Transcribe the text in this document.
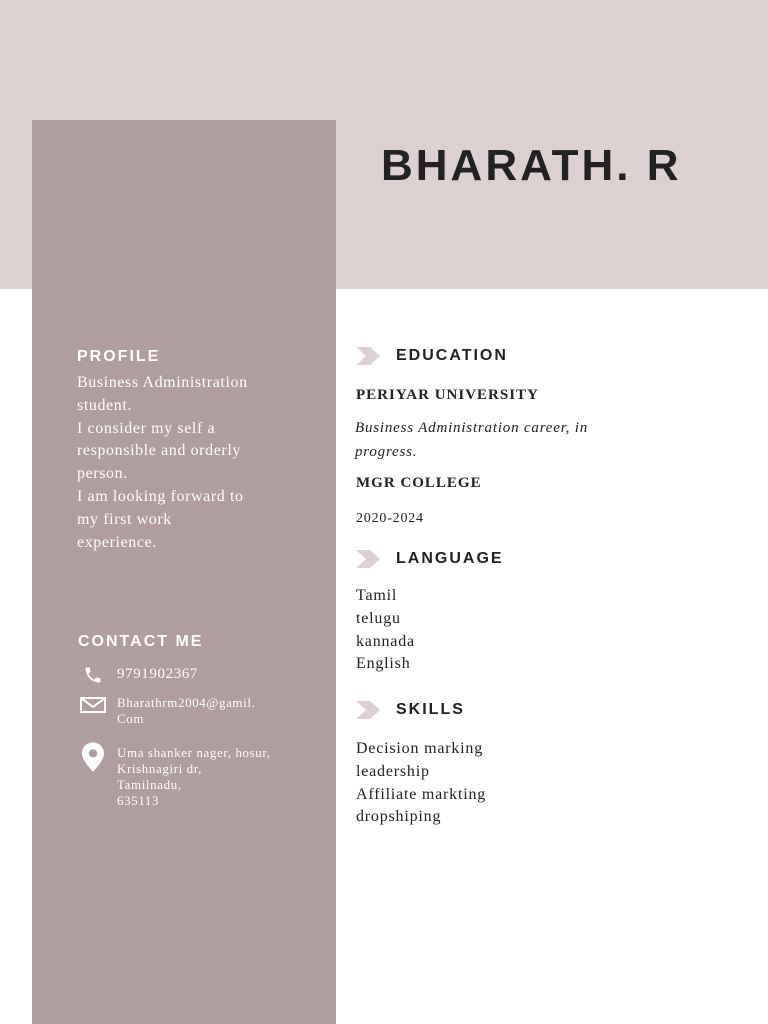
BHARATH. R
PROFILE

Business Administration
student.
I consider my self a
responsible and orderly
person.
I am looking forward to
my first work
experience.

CONTACT ME
9791902367
Bharathrm2004@gamil.
Com
Uma shanker nager, hosur,
Krishnagiri dr,
Tamilnadu,
635113
EDUCATION

PERIYAR UNIVERSITY

Business Administration career, in
progress.

MGR COLLEGE

2020-2024

LANGUAGE
Tamil
telugu
kannada
English
SKILLS
Decision marking
leadership
Affiliate markting
dropshiping
